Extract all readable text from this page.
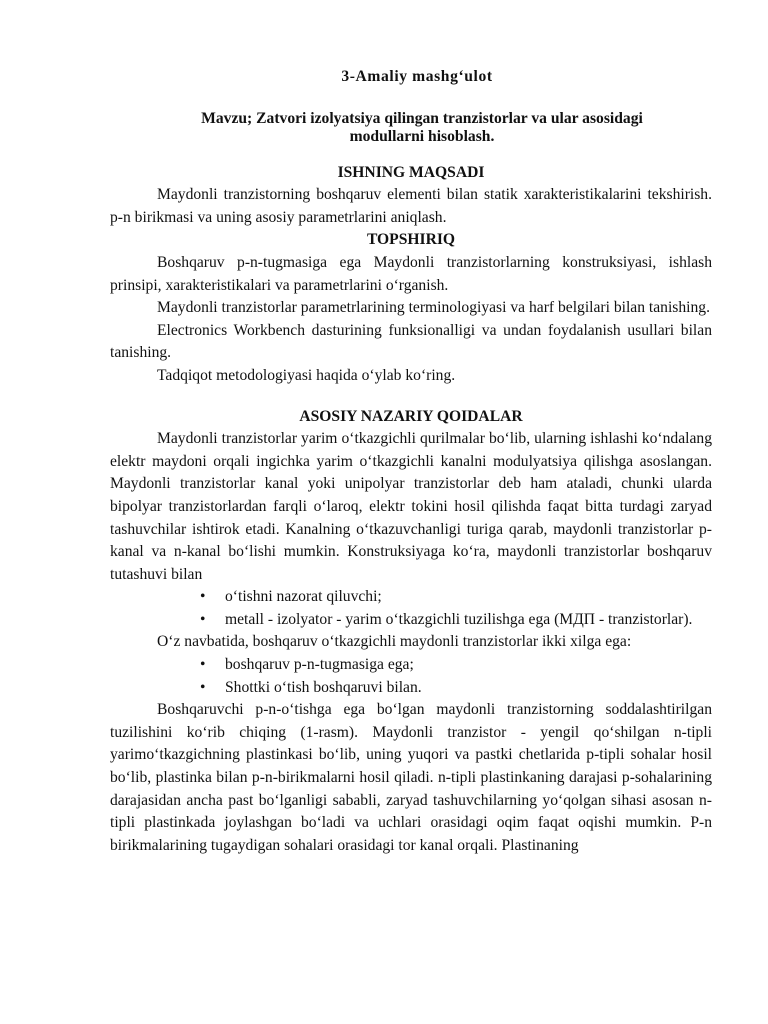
3-Amaliy mashg‘ulot
Mavzu; Zatvori izolyatsiya qilingan tranzistorlar va ular asosidagi
modullarni hisoblash.
ISHNING MAQSADI

Maydonli tranzistorning boshqaruv elementi bilan statik xarakteristikalarini tekshirish. p-n birikmasi va uning asosiy parametrlarini aniqlash.

TOPSHIRIQ

Boshqaruv p-n-tugmasiga ega Maydonli tranzistorlarning konstruksiyasi, ishlash prinsipi, xarakteristikalari va parametrlarini o‘rganish.

Maydonli tranzistorlar parametrlarining terminologiyasi va harf belgilari bilan tanishing.

Electronics Workbench dasturining funksionalligi va undan foydalanish usullari bilan tanishing.

Tadqiqot metodologiyasi haqida o‘ylab ko‘ring.

ASOSIY NAZARIY QOIDALAR

Maydonli tranzistorlar yarim o‘tkazgichli qurilmalar bo‘lib, ularning ishlashi ko‘ndalang elektr maydoni orqali ingichka yarim o‘tkazgichli kanalni modulyatsiya qilishga asoslangan. Maydonli tranzistorlar kanal yoki unipolyar tranzistorlar deb ham ataladi, chunki ularda bipolyar tranzistorlardan farqli o‘laroq, elektr tokini hosil qilishda faqat bitta turdagi zaryad tashuvchilar ishtirok etadi. Kanalning o‘tkazuvchanligi turiga qarab, maydonli tranzistorlar p-kanal va n-kanal bo‘lishi mumkin. Konstruksiyaga ko‘ra, maydonli tranzistorlar boshqaruv tutashuvi bilan

• o‘tishni nazorat qiluvchi;
• metall - izolyator - yarim o‘tkazgichli tuzilishga ega (МДП - tranzistorlar).

O‘z navbatida, boshqaruv o‘tkazgichli maydonli tranzistorlar ikki xilga ega:

• boshqaruv p-n-tugmasiga ega;
• Shottki o‘tish boshqaruvi bilan.

Boshqaruvchi p-n-o‘tishga ega bo‘lgan maydonli tranzistorning soddalashtirilgan tuzilishini ko‘rib chiqing (1-rasm). Maydonli tranzistor - yengil qo‘shilgan n-tipli yarimo‘tkazgichning plastinkasi bo‘lib, uning yuqori va pastki chetlarida p-tipli sohalar hosil bo‘lib, plastinka bilan p-n-birikmalarni hosil qiladi. n-tipli plastinkaning darajasi p-sohalarining darajasidan ancha past bo‘lganligi sababli, zaryad tashuvchilarning yo‘qolgan sihasi asosan n-tipli plastinkada joylashgan bo‘ladi va uchlari orasidagi oqim faqat oqishi mumkin. P-n birikmalarining tugaydigan sohalari orasidagi tor kanal orqali. Plastinaning
